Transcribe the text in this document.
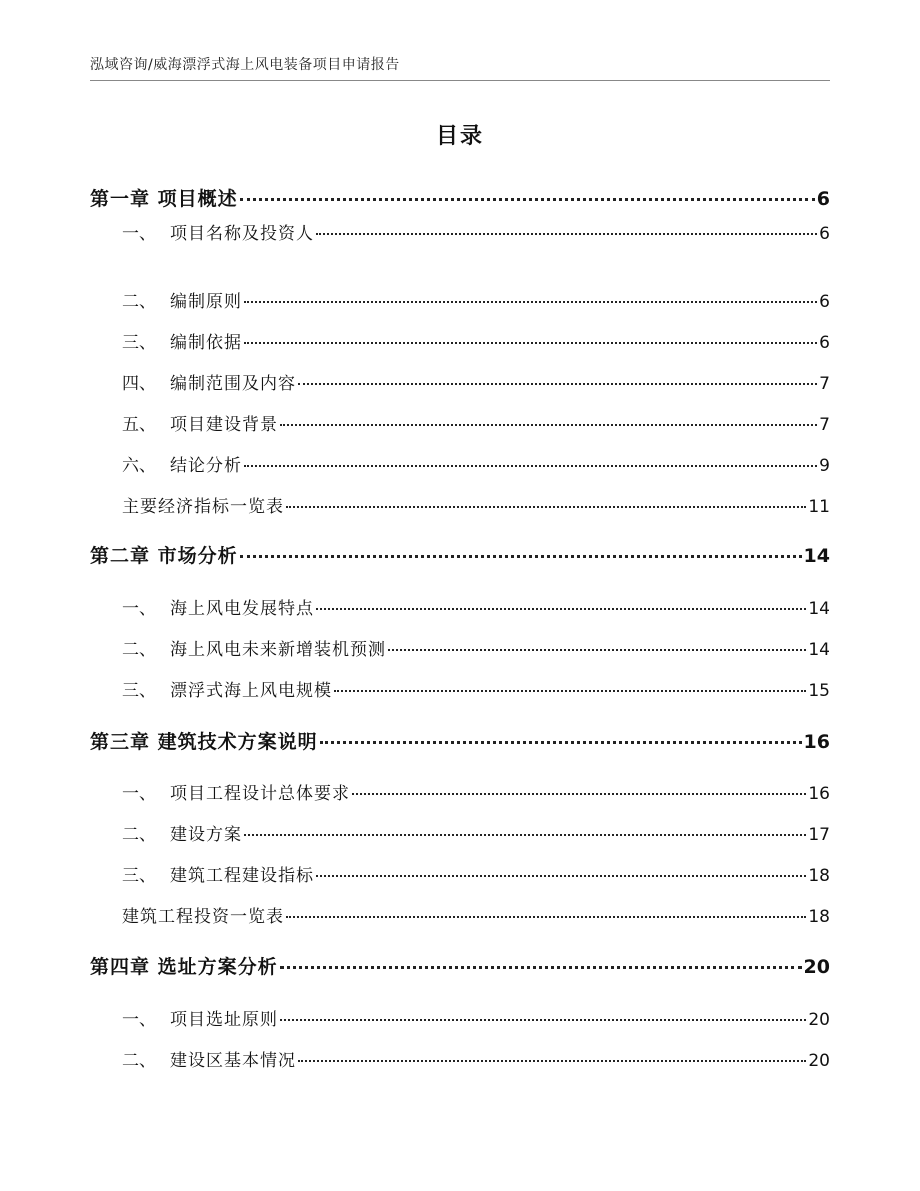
泓域咨询/威海漂浮式海上风电装备项目申请报告
目录
第一章 项目概述	6
一、 项目名称及投资人	6
二、 编制原则	6
三、 编制依据	6
四、 编制范围及内容	7
五、 项目建设背景	7
六、 结论分析	9
主要经济指标一览表	11
第二章 市场分析	14
一、 海上风电发展特点	14
二、 海上风电未来新增装机预测	14
三、 漂浮式海上风电规模	15
第三章 建筑技术方案说明	16
一、 项目工程设计总体要求	16
二、 建设方案	17
三、 建筑工程建设指标	18
建筑工程投资一览表	18
第四章 选址方案分析	20
一、 项目选址原则	20
二、 建设区基本情况	20
